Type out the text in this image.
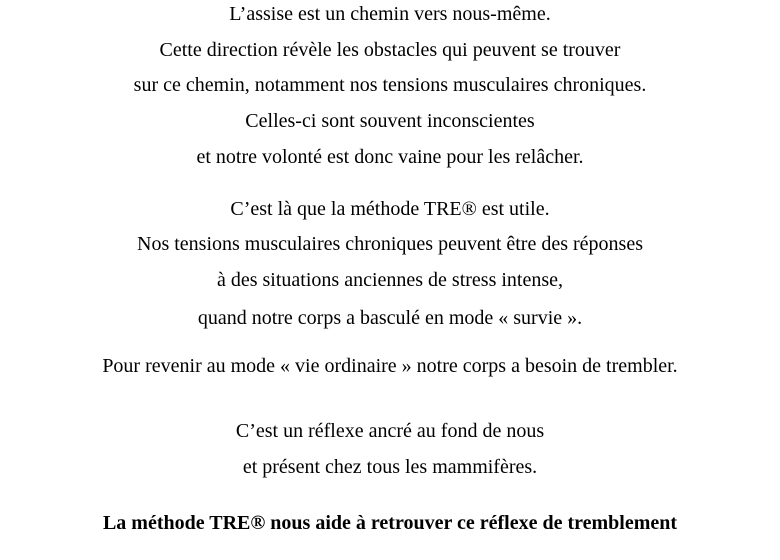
L’assise est un chemin vers nous-même.
Cette direction révèle les obstacles qui peuvent se trouver
sur ce chemin, notamment nos tensions musculaires chroniques.
Celles-ci sont souvent inconscientes
et notre volonté est donc vaine pour les relâcher.
C’est là que la méthode TRE® est utile.
Nos tensions musculaires chroniques peuvent être des réponses
à des situations anciennes de stress intense,
quand notre corps a basculé en mode « survie ».
Pour revenir au mode « vie ordinaire » notre corps a besoin de trembler.
C’est un réflexe ancré au fond de nous
et présent chez tous les mammifères.
La méthode TRE® nous aide à retrouver ce réflexe de tremblement
